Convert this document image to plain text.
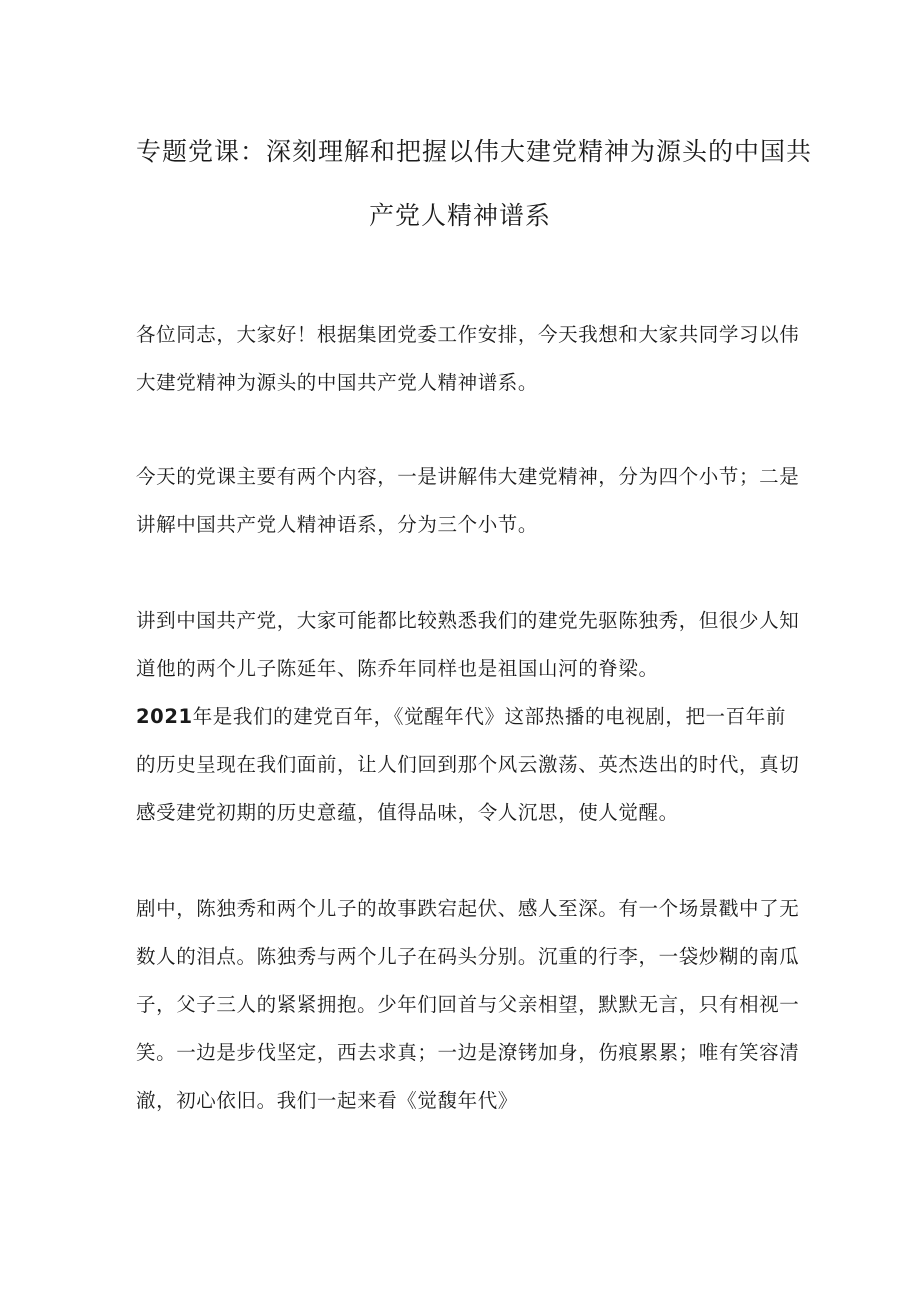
专题党课：深刻理解和把握以伟大建党精神为源头的中国共
产党人精神谱系
各位同志，大家好！根据集团党委工作安排，今天我想和大家共同学习以伟
大建党精神为源头的中国共产党人精神谱系。
今天的党课主要有两个内容，一是讲解伟大建党精神，分为四个小节；二是
讲解中国共产党人精神语系，分为三个小节。
讲到中国共产党，大家可能都比较熟悉我们的建党先驱陈独秀，但很少人知
道他的两个儿子陈延年、陈乔年同样也是祖国山河的脊梁。
2021年是我们的建党百年，《觉醒年代》这部热播的电视剧，把一百年前
的历史呈现在我们面前，让人们回到那个风云激荡、英杰迭出的时代，真切
感受建党初期的历史意蕴，值得品味，令人沉思，使人觉醒。
剧中，陈独秀和两个儿子的故事跌宕起伏、感人至深。有一个场景戳中了无
数人的泪点。陈独秀与两个儿子在码头分别。沉重的行李，一袋炒糊的南瓜
子，父子三人的紧紧拥抱。少年们回首与父亲相望，默默无言，只有相视一
笑。一边是步伐坚定，西去求真；一边是潦铐加身，伤痕累累；唯有笑容清
澈，初心依旧。我们一起来看《觉馥年代》
